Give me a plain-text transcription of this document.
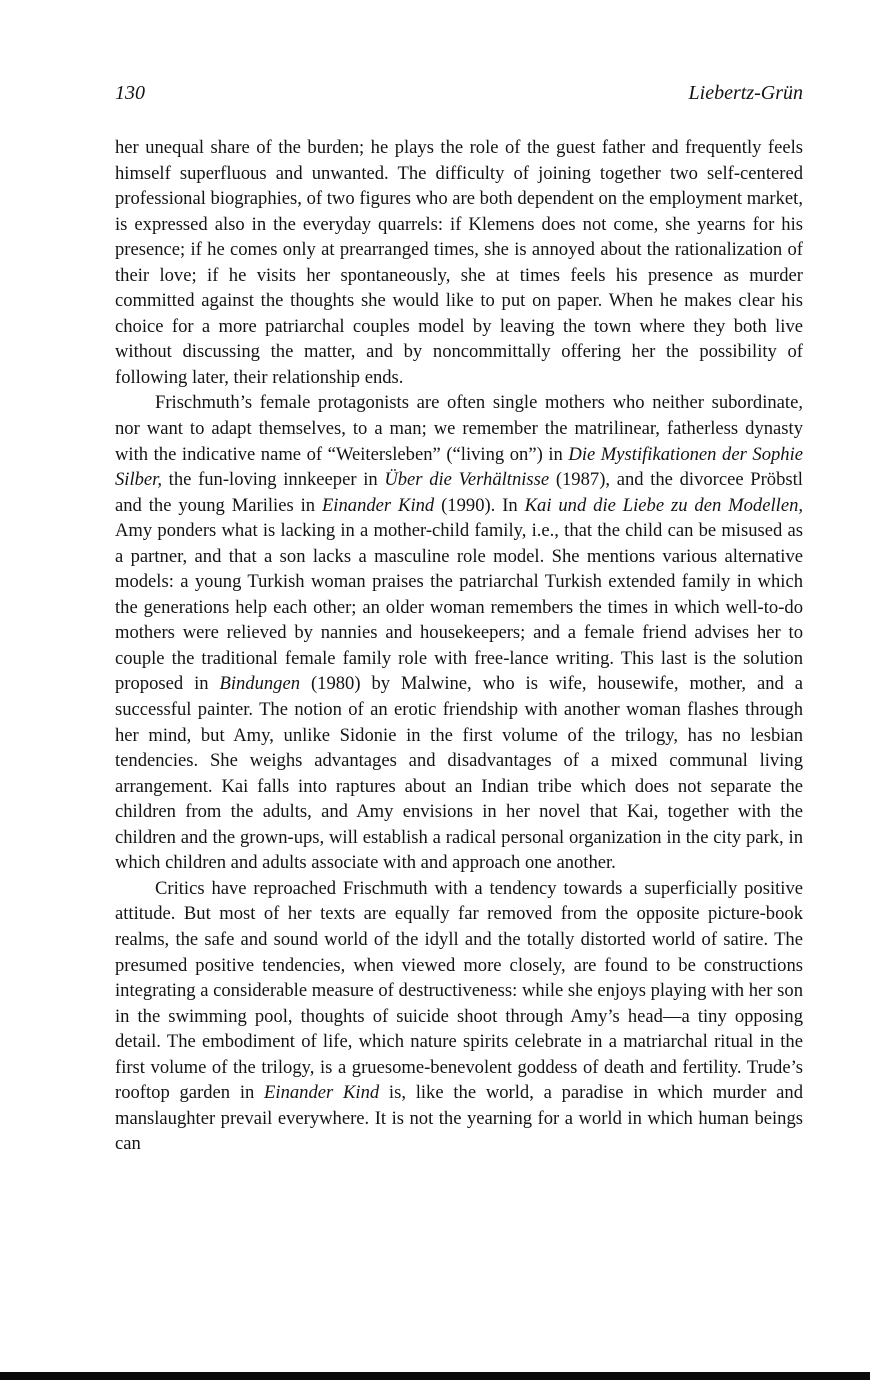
130	Liebertz-Grün

her unequal share of the burden; he plays the role of the guest father and frequently feels himself superfluous and unwanted. The difficulty of joining together two self-centered professional biographies, of two figures who are both dependent on the employment market, is expressed also in the everyday quarrels: if Klemens does not come, she yearns for his presence; if he comes only at prearranged times, she is annoyed about the rationalization of their love; if he visits her spontaneously, she at times feels his presence as murder committed against the thoughts she would like to put on paper. When he makes clear his choice for a more patriarchal couples model by leaving the town where they both live without discussing the matter, and by noncommittally offering her the possibility of following later, their relationship ends.

Frischmuth’s female protagonists are often single mothers who neither subordinate, nor want to adapt themselves, to a man; we remember the matrilinear, fatherless dynasty with the indicative name of “Weitersleben” (“living on”) in Die Mystifikationen der Sophie Silber, the fun-loving innkeeper in Über die Verhältnisse (1987), and the divorcee Pröbstl and the young Marilies in Einander Kind (1990). In Kai und die Liebe zu den Modellen, Amy ponders what is lacking in a mother-child family, i.e., that the child can be misused as a partner, and that a son lacks a masculine role model. She mentions various alternative models: a young Turkish woman praises the patriarchal Turkish extended family in which the generations help each other; an older woman remembers the times in which well-to-do mothers were relieved by nannies and housekeepers; and a female friend advises her to couple the traditional female family role with free-lance writing. This last is the solution proposed in Bindungen (1980) by Malwine, who is wife, housewife, mother, and a successful painter. The notion of an erotic friendship with another woman flashes through her mind, but Amy, unlike Sidonie in the first volume of the trilogy, has no lesbian tendencies. She weighs advantages and disadvantages of a mixed communal living arrangement. Kai falls into raptures about an Indian tribe which does not separate the children from the adults, and Amy envisions in her novel that Kai, together with the children and the grown-ups, will establish a radical personal organization in the city park, in which children and adults associate with and approach one another.

Critics have reproached Frischmuth with a tendency towards a superficially positive attitude. But most of her texts are equally far removed from the opposite picture-book realms, the safe and sound world of the idyll and the totally distorted world of satire. The presumed positive tendencies, when viewed more closely, are found to be constructions integrating a considerable measure of destructiveness: while she enjoys playing with her son in the swimming pool, thoughts of suicide shoot through Amy’s head—a tiny opposing detail. The embodiment of life, which nature spirits celebrate in a matriarchal ritual in the first volume of the trilogy, is a gruesome-benevolent goddess of death and fertility. Trude’s rooftop garden in Einander Kind is, like the world, a paradise in which murder and manslaughter prevail everywhere. It is not the yearning for a world in which human beings can
